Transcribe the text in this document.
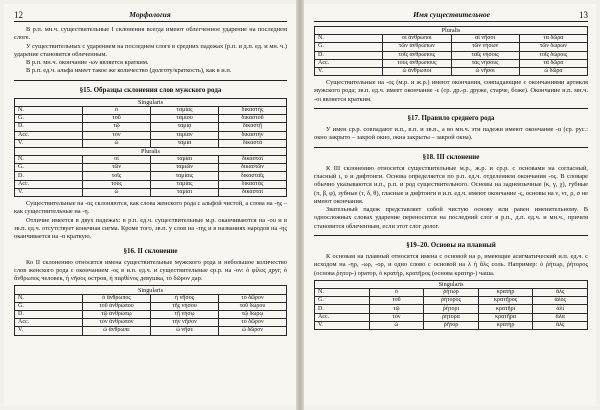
12	Морфология

В р.п. мн.ч. существительные I склонения всегда имеют облегченное ударение на последнем слоге.

У существительных с ударением на последнем слоге в средних падежах (р.п. и д.п. ед. и мн. ч.) ударение становится облеченным.

В р.п. мн.ч. окончание -ων является кратким.

В р.п. ед.ч. альфа имеет такое же количество (долготу/краткость), как в и.п.

§15. Образцы склонения слов мужского рода
Singularis			
N.	ὁ	ταμίας	δικαστής
G.	τοῦ	ταμίου	δικαστοῦ
D.	τῷ	ταμίᾳ	δικαστῇ
Acc.	τὸν	ταμίαν	δικαστήν
V.	ὦ	ταμία	δικαστά
Pluralis			
N.	οἱ	ταμίαι	δικασταί
G.	τῶν	ταμιῶν	δικαστῶν
D.	τοῖς	ταμίαις	δικασταῖς
Acc.	τοὺς	ταμίας	δικαστάς
V.	ὦ	ταμίαι	δικασταί

Существительные на -ας склоняются, как слова женского рода с альфой чистой, а слова на -ης – как существительные на -η.

Отличие имеется в двух падежах: в р.п. ед.ч. существительные м.р. оканчиваются на -ου и в зв.п. ед.ч. отсутствует конечная сигма. Кроме того, зв.п. у слов на -της и в названиях народов на -ης оканчивается на -α краткую.

§16. II склонение

Ко II склонению относятся имена существительные мужского рода и небольшое количество слов женского рода с окончанием -ος в и.п. ед.ч. и существительные ср.р. на -ον: ὁ φίλος друг, ὁ ἄνθρωπος человек, ἡ νῆσος остров, ἡ παρθένος девушка, τὸ δῶρον дар.

Singularis			
N.	ὁ ἄνθρωπος	ἡ νῆσος	τὸ δῶρον
G.	τοῦ ἀνθρώπου	τῆς νήσου	τοῦ δώρου
D.	τῷ ἀνθρώπῳ	τῇ νήσῳ	τῷ δώρῳ
Acc.	τὸν ἄνθρωπον	τὴν νῆσον	τὸ δῶρον
V.	ὦ ἄνθρωπε	ὦ νῆσε	ὦ δῶρον
Имя существительное	13
Pluralis			
N.	οἱ ἄνθρωποι	αἱ νῆσοι	τὰ δῶρα
G.	τῶν ἀνθρώπων	τῶν νήσων	τῶν δώρων
D.	τοῖς ἀνθρώποις	ταῖς νήσοις	τοῖς δώροις
Acc.	τοὺς ἀνθρώπους	τὰς νήσους	τὰ δῶρα
V.	ὦ ἄνθρωποι	ὦ νῆσοι	ὦ δῶρα

Существительные на -ος (м.р. и ж.р.) имеют окончания, совпадающие с окончаниями артикля мужского рода; зв.п. ед.ч. имеет окончание -ε (ср. др.-р. друже, старче, боже). Окончание и.п. мн.ч. -οι является кратким.

§17. Правило среднего рода

У имен ср.р. совпадают и.п., в.п. и зв.п., а во мн.ч. эти падежи имеют окончание -α (ср. рус.: окно закрыто – закрой окно, окна закрыты – закрой окна).

§18. III склонение

К III склонению относятся существительные м.р., ж.р. и ср.р. с основами на согласный, гласный ι, υ и дифтонги. Основа определяется по р.п. ед.ч. отделением окончания -ος. В словаре обычно указываются и.п., р.п. и род существительного. Основы на заднеязычные (κ, γ, χ), губные (π, β, φ), зубные (τ, δ, θ), гласные и дифтонги в и.п. ед.ч. имеют окончание -ς, основы на ν, ντ, ρ, σ не имеют окончания.

Звательный падеж представляет собой чистую основу или равен именительному. В односложных словах ударение переносится на последний слог в р.п., д.п. ед.ч. и мн.ч., причем становится облеченным, если этот слог долог.

§19–20. Основы на плавный

К основам на плавный относятся имена с основой на ρ, имеющие асигматический и.п. ед.ч. с исходом на -ηρ, -ωρ, -ορ, и одно слово с основой на λ ἡ ἅλς соль. Например: ὁ ῥήτωρ, ῥήτορος (основа ῥητορ-) оратор, ὁ κρατήρ, κρατῆρος (основа κρατηρ-) чаша.

Singularis				
N.	ὁ	ῥήτωρ	κρατήρ	ἅλς
G.	τοῦ	ῥήτορος	κρατῆρος	ἁλός
D.	τῷ	ῥήτορι	κρατῆρι	ἁλί
Acc.	τὸν	ῥήτορα	κρατῆρα	ἅλα
V.	ὦ	ῥῆτορ	κρατήρ	ἅλς
